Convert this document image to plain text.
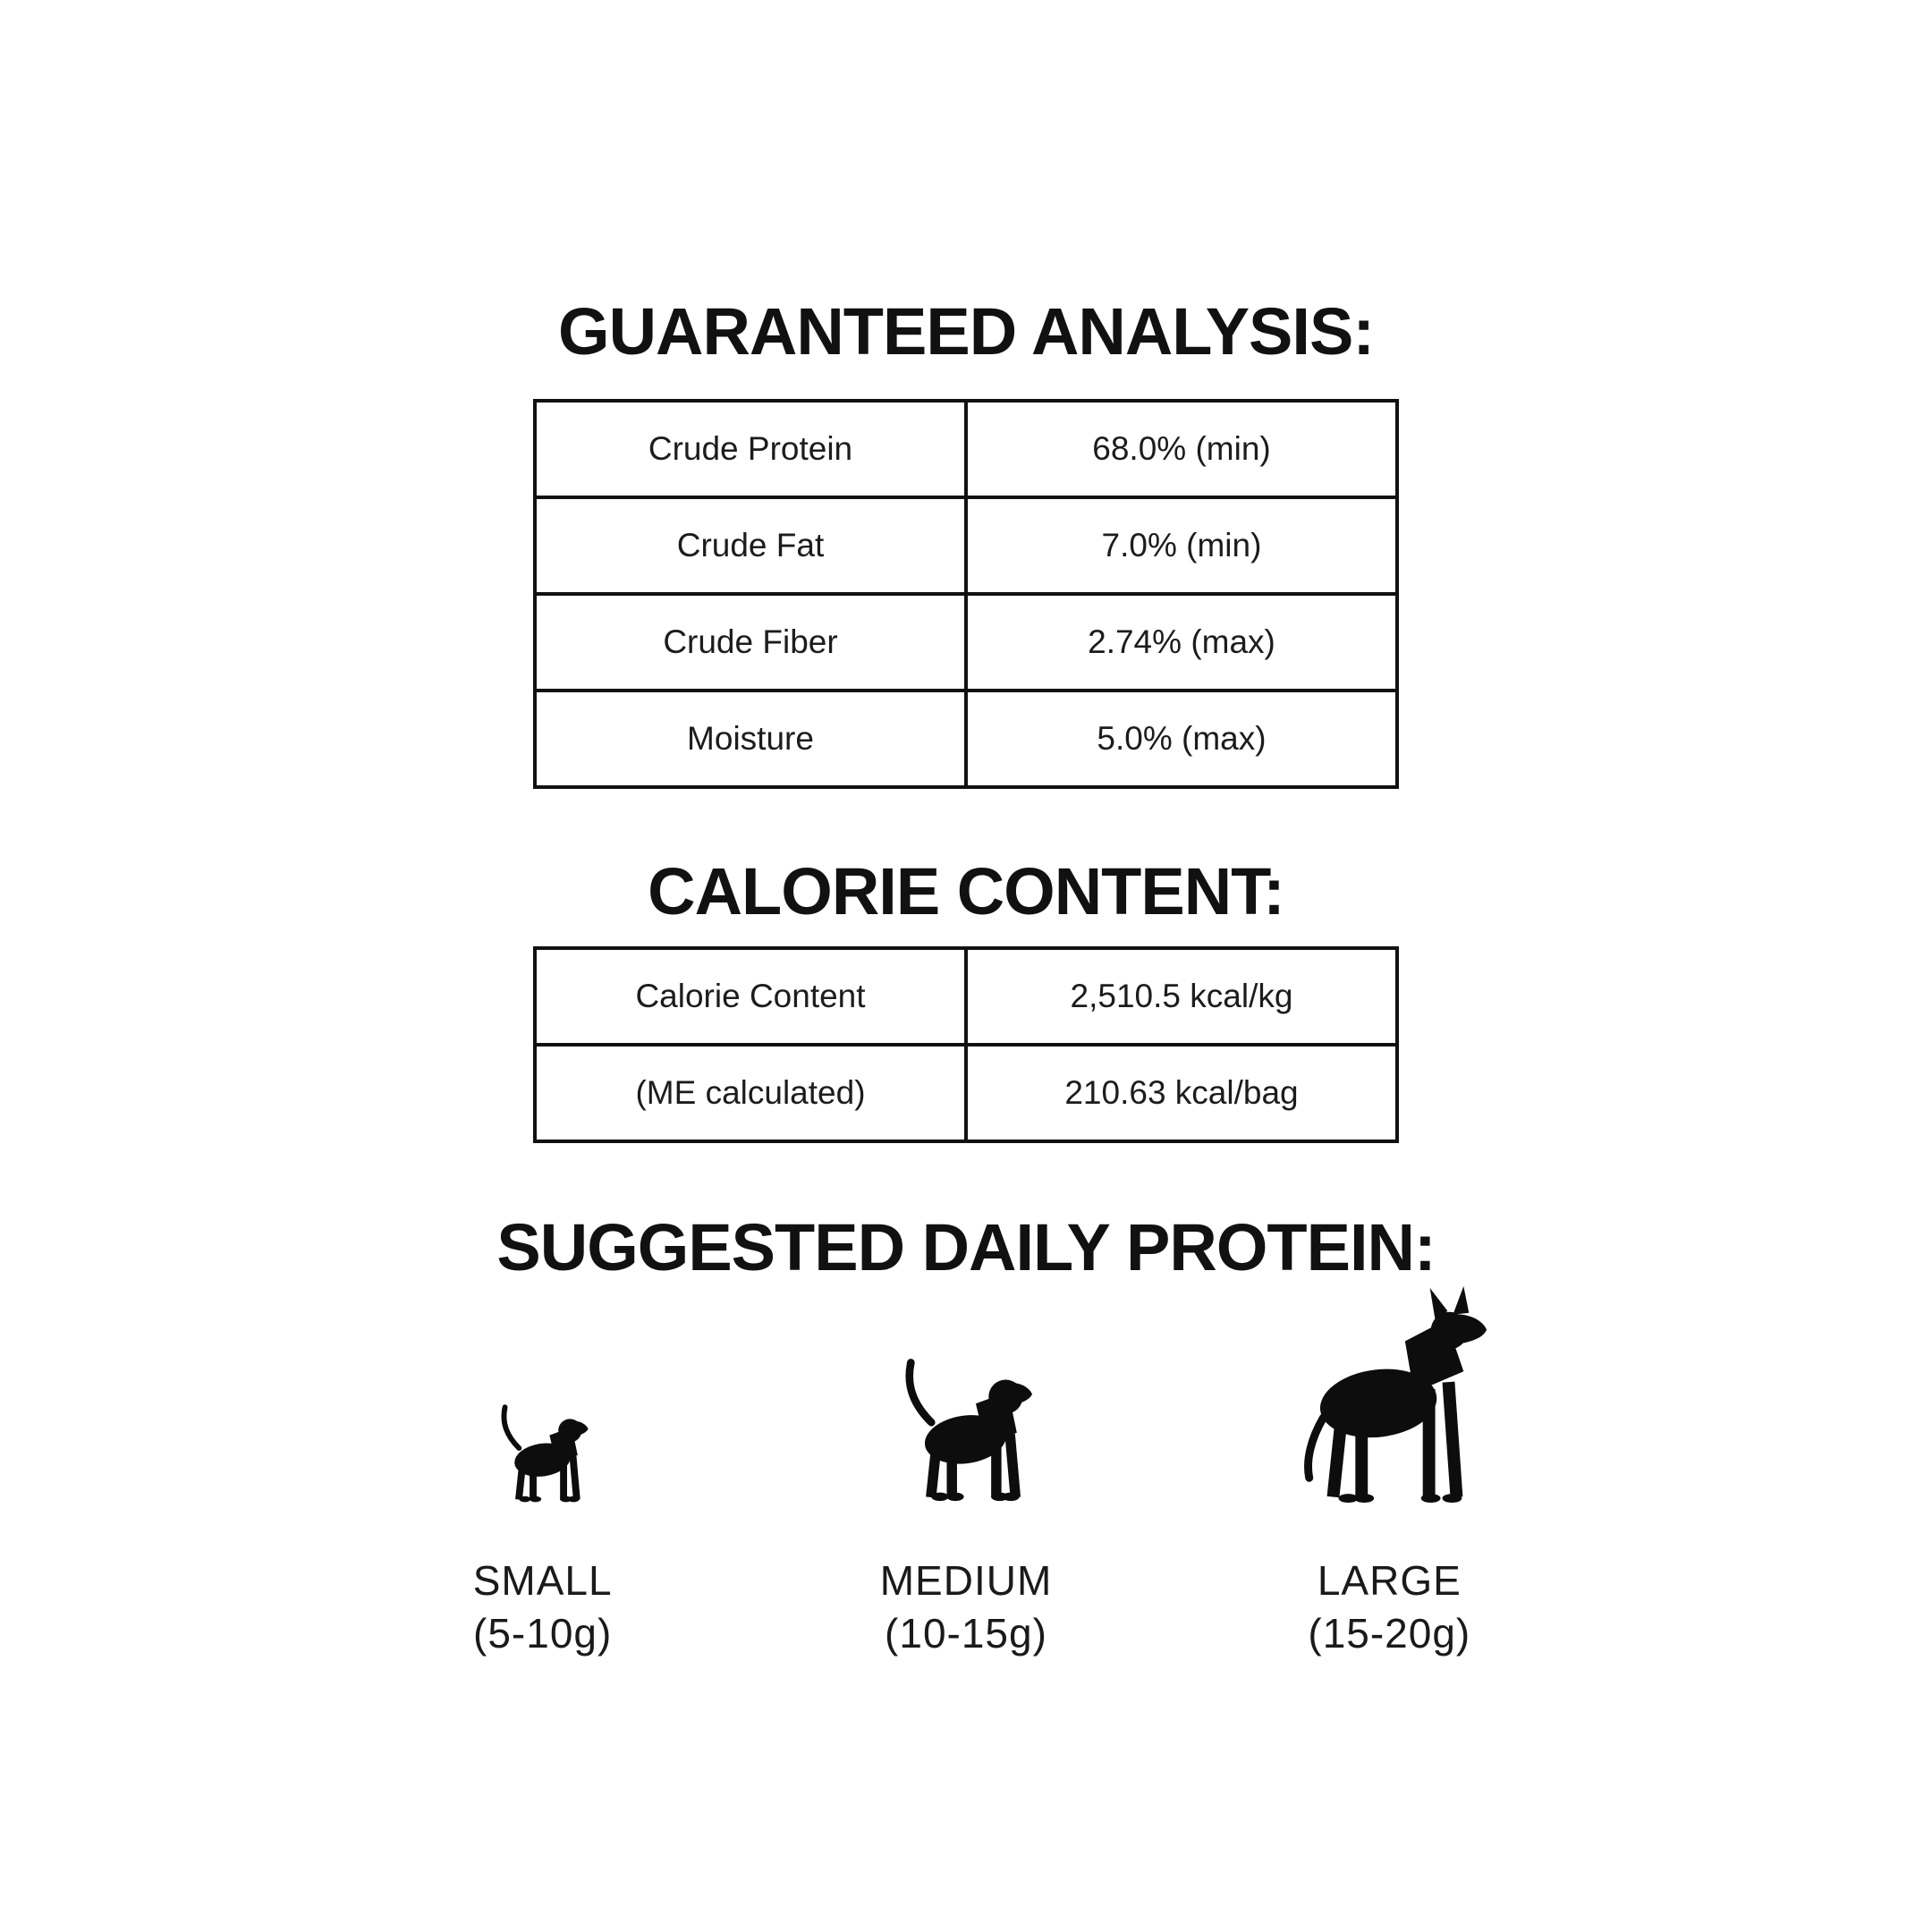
GUARANTEED ANALYSIS:
Crude Protein	68.0% (min)
Crude Fat	7.0% (min)
Crude Fiber	2.74% (max)
Moisture	5.0% (max)
CALORIE CONTENT:
Calorie Content	2,510.5 kcal/kg
(ME calculated)	210.63 kcal/bag
SUGGESTED DAILY PROTEIN:
SMALL
(5-10g)
MEDIUM
(10-15g)
LARGE
(15-20g)
